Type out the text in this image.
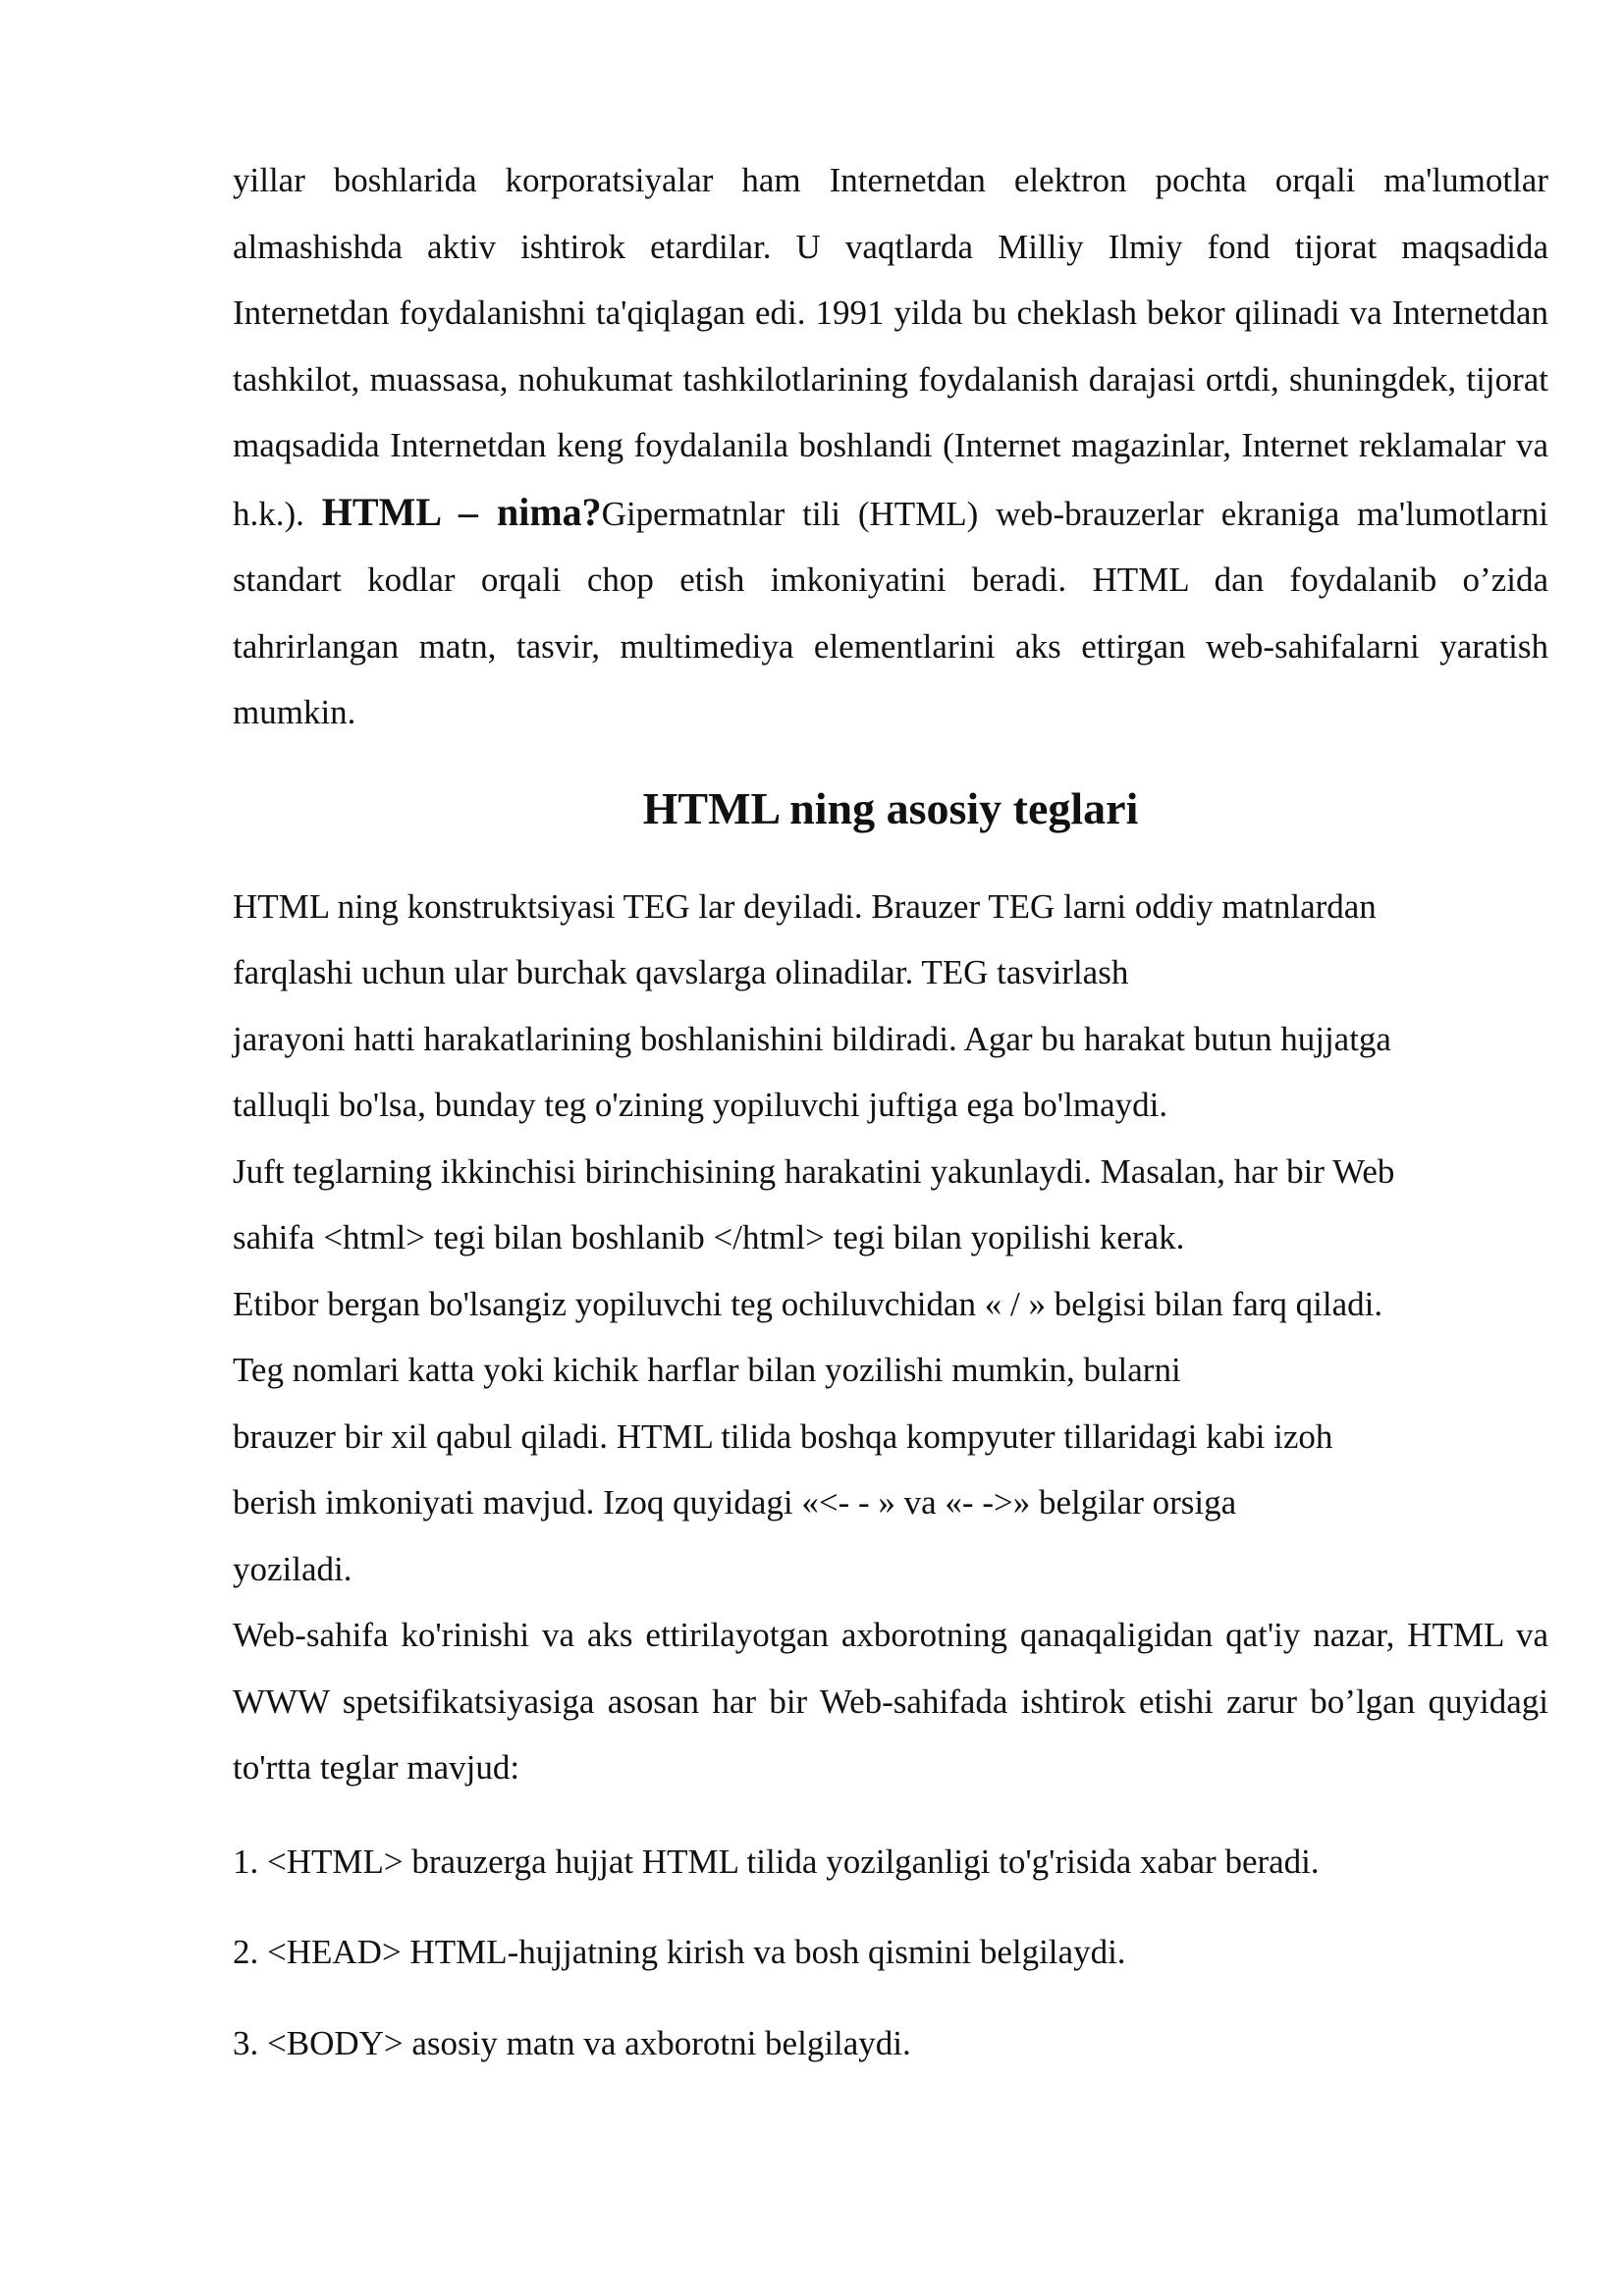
yillar boshlarida korporatsiyalar ham Internetdan elektron pochta orqali ma'lumotlar almashishda aktiv ishtirok etardilar. U vaqtlarda Milliy Ilmiy fond tijorat maqsadida Internetdan foydalanishni ta'qiqlagan edi. 1991 yilda bu cheklash bekor qilinadi va Internetdan tashkilot, muassasa, nohukumat tashkilotlarining foydalanish darajasi ortdi, shuningdek, tijorat maqsadida Internetdan keng foydalanila boshlandi (Internet magazinlar, Internet reklamalar va h.k.). HTML – nima?Gipermatnlar tili (HTML) web-brauzerlar ekraniga ma'lumotlarni standart kodlar orqali chop etish imkoniyatini beradi. HTML dan foydalanib o’zida tahrirlangan matn, tasvir, multimediya elementlarini aks ettirgan web-sahifalarni yaratish mumkin.

HTML ning asosiy teglari
HTML ning konstruktsiyasi TEG lar deyiladi. Brauzer TEG larni oddiy matnlardan
farqlashi uchun ular burchak qavslarga olinadilar. TEG tasvirlash
jarayoni hatti harakatlarining boshlanishini bildiradi. Agar bu harakat butun hujjatga
talluqli bo'lsa, bunday teg o'zining yopiluvchi juftiga ega bo'lmaydi.
Juft teglarning ikkinchisi birinchisining harakatini yakunlaydi. Masalan, har bir Web
sahifa <html> tegi bilan boshlanib </html> tegi bilan yopilishi kerak.
Etibor bergan bo'lsangiz yopiluvchi teg ochiluvchidan « / » belgisi bilan farq qiladi.
Teg nomlari katta yoki kichik harflar bilan yozilishi mumkin, bularni
brauzer bir xil qabul qiladi. HTML tilida boshqa kompyuter tillaridagi kabi izoh
berish imkoniyati mavjud. Izoq quyidagi «<- - » va «- ->» belgilar orsiga
yoziladi.

Web-sahifa ko'rinishi va aks ettirilayotgan axborotning qanaqaligidan qat'iy nazar, HTML va WWW spetsifikatsiyasiga asosan har bir Web-sahifada ishtirok etishi zarur bo’lgan quyidagi to'rtta teglar mavjud:

1. <HTML> brauzerga hujjat HTML tilida yozilganligi to'g'risida xabar beradi.
2. <HEAD> HTML-hujjatning kirish va bosh qismini belgilaydi.
3. <BODY> asosiy matn va axborotni belgilaydi.
